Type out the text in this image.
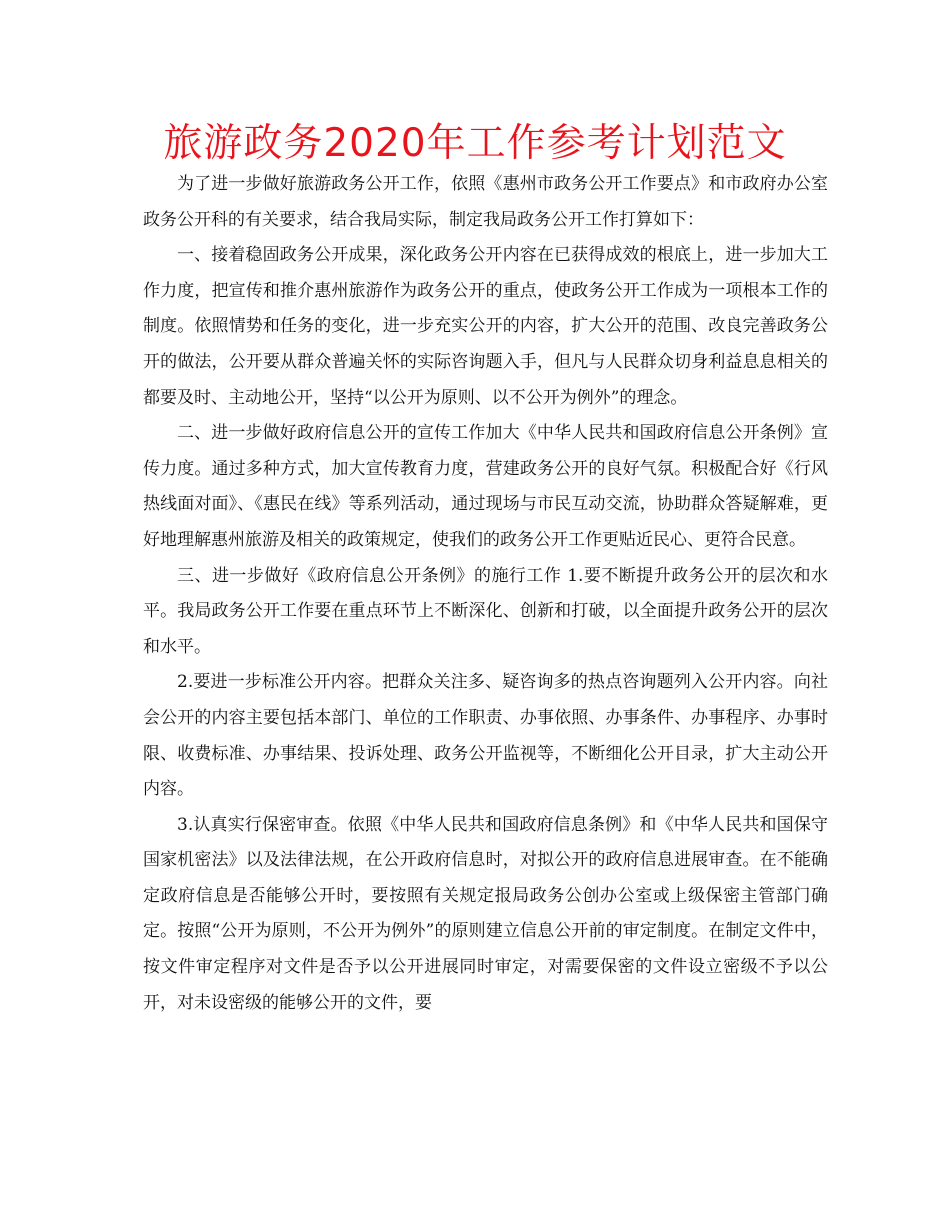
旅游政务2020年工作参考计划范文

为了进一步做好旅游政务公开工作，依照《惠州市政务公开工作要点》和市政府办公室政务公开科的有关要求，结合我局实际，制定我局政务公开工作打算如下：

一、接着稳固政务公开成果，深化政务公开内容在已获得成效的根底上，进一步加大工作力度，把宣传和推介惠州旅游作为政务公开的重点，使政务公开工作成为一项根本工作的制度。依照情势和任务的变化，进一步充实公开的内容，扩大公开的范围、改良完善政务公开的做法，公开要从群众普遍关怀的实际咨询题入手，但凡与人民群众切身利益息息相关的都要及时、主动地公开，坚持“以公开为原则、以不公开为例外”的理念。

二、进一步做好政府信息公开的宣传工作加大《中华人民共和国政府信息公开条例》宣传力度。通过多种方式，加大宣传教育力度，营建政务公开的良好气氛。积极配合好《行风热线面对面》、《惠民在线》等系列活动，通过现场与市民互动交流，协助群众答疑解难，更好地理解惠州旅游及相关的政策规定，使我们的政务公开工作更贴近民心、更符合民意。

三、进一步做好《政府信息公开条例》的施行工作 1.要不断提升政务公开的层次和水平。我局政务公开工作要在重点环节上不断深化、创新和打破，以全面提升政务公开的层次和水平。

2.要进一步标准公开内容。把群众关注多、疑咨询多的热点咨询题列入公开内容。向社会公开的内容主要包括本部门、单位的工作职责、办事依照、办事条件、办事程序、办事时限、收费标准、办事结果、投诉处理、政务公开监视等，不断细化公开目录，扩大主动公开内容。

3.认真实行保密审查。依照《中华人民共和国政府信息条例》和《中华人民共和国保守国家机密法》以及法律法规，在公开政府信息时，对拟公开的政府信息进展审查。在不能确定政府信息是否能够公开时，要按照有关规定报局政务公创办公室或上级保密主管部门确定。按照“公开为原则，不公开为例外”的原则建立信息公开前的审定制度。在制定文件中，按文件审定程序对文件是否予以公开进展同时审定，对需要保密的文件设立密级不予以公开，对未设密级的能够公开的文件，要
